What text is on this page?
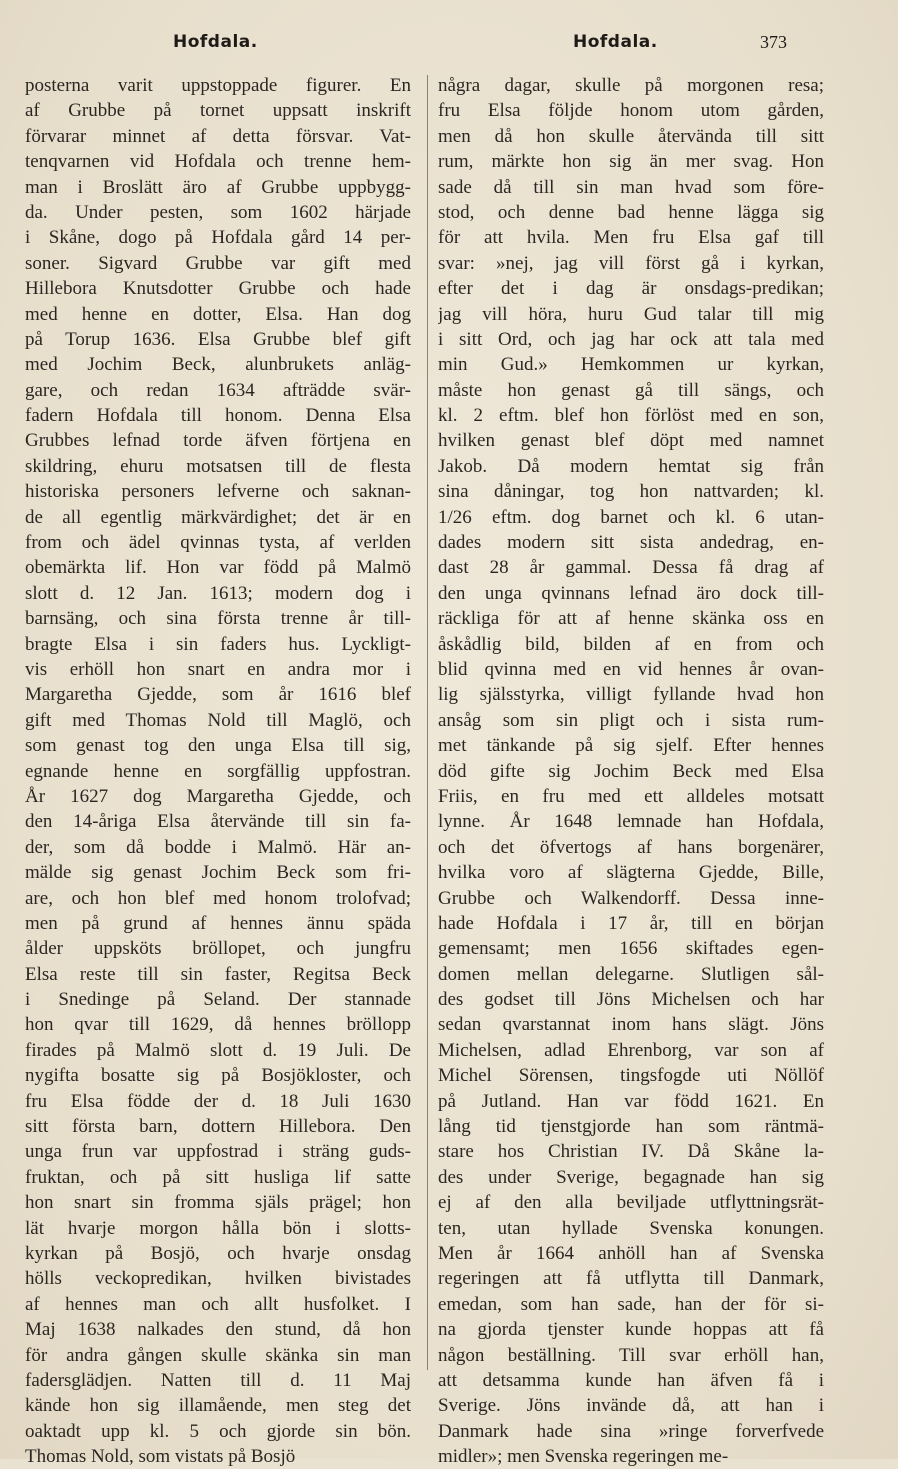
Hofdala.	Hofdala.	373
posterna varit uppstoppade figurer. En
af Grubbe på tornet uppsatt inskrift
förvarar minnet af detta försvar. Vat-
tenqvarnen vid Hofdala och trenne hem-
man i Broslätt äro af Grubbe uppbygg-
da. Under pesten, som 1602 härjade
i Skåne, dogo på Hofdala gård 14 per-
soner. Sigvard Grubbe var gift med
Hillebora Knutsdotter Grubbe och hade
med henne en dotter, Elsa. Han dog
på Torup 1636. Elsa Grubbe blef gift
med Jochim Beck, alunbrukets anläg-
gare, och redan 1634 afträdde svär-
fadern Hofdala till honom. Denna Elsa
Grubbes lefnad torde äfven förtjena en
skildring, ehuru motsatsen till de flesta
historiska personers lefverne och saknan-
de all egentlig märkvärdighet; det är en
from och ädel qvinnas tysta, af verlden
obemärkta lif. Hon var född på Malmö
slott d. 12 Jan. 1613; modern dog i
barnsäng, och sina första trenne år till-
bragte Elsa i sin faders hus. Lyckligt-
vis erhöll hon snart en andra mor i
Margaretha Gjedde, som år 1616 blef
gift med Thomas Nold till Maglö, och
som genast tog den unga Elsa till sig,
egnande henne en sorgfällig uppfostran.
År 1627 dog Margaretha Gjedde, och
den 14-åriga Elsa återvände till sin fa-
der, som då bodde i Malmö. Här an-
mälde sig genast Jochim Beck som fri-
are, och hon blef med honom trolofvad;
men på grund af hennes ännu späda
ålder uppsköts bröllopet, och jungfru
Elsa reste till sin faster, Regitsa Beck
i Snedinge på Seland. Der stannade
hon qvar till 1629, då hennes bröllopp
firades på Malmö slott d. 19 Juli. De
nygifta bosatte sig på Bosjökloster, och
fru Elsa födde der d. 18 Juli 1630
sitt första barn, dottern Hillebora. Den
unga frun var uppfostrad i sträng guds-
fruktan, och på sitt husliga lif satte
hon snart sin fromma själs prägel; hon
lät hvarje morgon hålla bön i slotts-
kyrkan på Bosjö, och hvarje onsdag
hölls veckopredikan, hvilken bivistades
af hennes man och allt husfolket. I
Maj 1638 nalkades den stund, då hon
för andra gången skulle skänka sin man
fadersglädjen. Natten till d. 11 Maj
kände hon sig illamående, men steg det
oaktadt upp kl. 5 och gjorde sin bön.
Thomas Nold, som vistats på Bosjö
några dagar, skulle på morgonen resa;
fru Elsa följde honom utom gården,
men då hon skulle återvända till sitt
rum, märkte hon sig än mer svag. Hon
sade då till sin man hvad som före-
stod, och denne bad henne lägga sig
för att hvila. Men fru Elsa gaf till
svar: »nej, jag vill först gå i kyrkan,
efter det i dag är onsdags-predikan;
jag vill höra, huru Gud talar till mig
i sitt Ord, och jag har ock att tala med
min Gud.» Hemkommen ur kyrkan,
måste hon genast gå till sängs, och
kl. 2 eftm. blef hon förlöst med en son,
hvilken genast blef döpt med namnet
Jakob. Då modern hemtat sig från
sina dåningar, tog hon nattvarden; kl.
1/26 eftm. dog barnet och kl. 6 utan-
dades modern sitt sista andedrag, en-
dast 28 år gammal. Dessa få drag af
den unga qvinnans lefnad äro dock till-
räckliga för att af henne skänka oss en
åskådlig bild, bilden af en from och
blid qvinna med en vid hennes år ovan-
lig själsstyrka, villigt fyllande hvad hon
ansåg som sin pligt och i sista rum-
met tänkande på sig sjelf. Efter hennes
död gifte sig Jochim Beck med Elsa
Friis, en fru med ett alldeles motsatt
lynne. År 1648 lemnade han Hofdala,
och det öfvertogs af hans borgenärer,
hvilka voro af slägterna Gjedde, Bille,
Grubbe och Walkendorff. Dessa inne-
hade Hofdala i 17 år, till en början
gemensamt; men 1656 skiftades egen-
domen mellan delegarne. Slutligen sål-
des godset till Jöns Michelsen och har
sedan qvarstannat inom hans slägt. Jöns
Michelsen, adlad Ehrenborg, var son af
Michel Sörensen, tingsfogde uti Nöllöf
på Jutland. Han var född 1621. En
lång tid tjenstgjorde han som räntmä-
stare hos Christian IV. Då Skåne la-
des under Sverige, begagnade han sig
ej af den alla beviljade utflyttningsrät-
ten, utan hyllade Svenska konungen.
Men år 1664 anhöll han af Svenska
regeringen att få utflytta till Danmark,
emedan, som han sade, han der för si-
na gjorda tjenster kunde hoppas att få
någon beställning. Till svar erhöll han,
att detsamma kunde han äfven få i
Sverige. Jöns invände då, att han i
Danmark hade sina »ringe forverfvede
midler»; men Svenska regeringen me-
